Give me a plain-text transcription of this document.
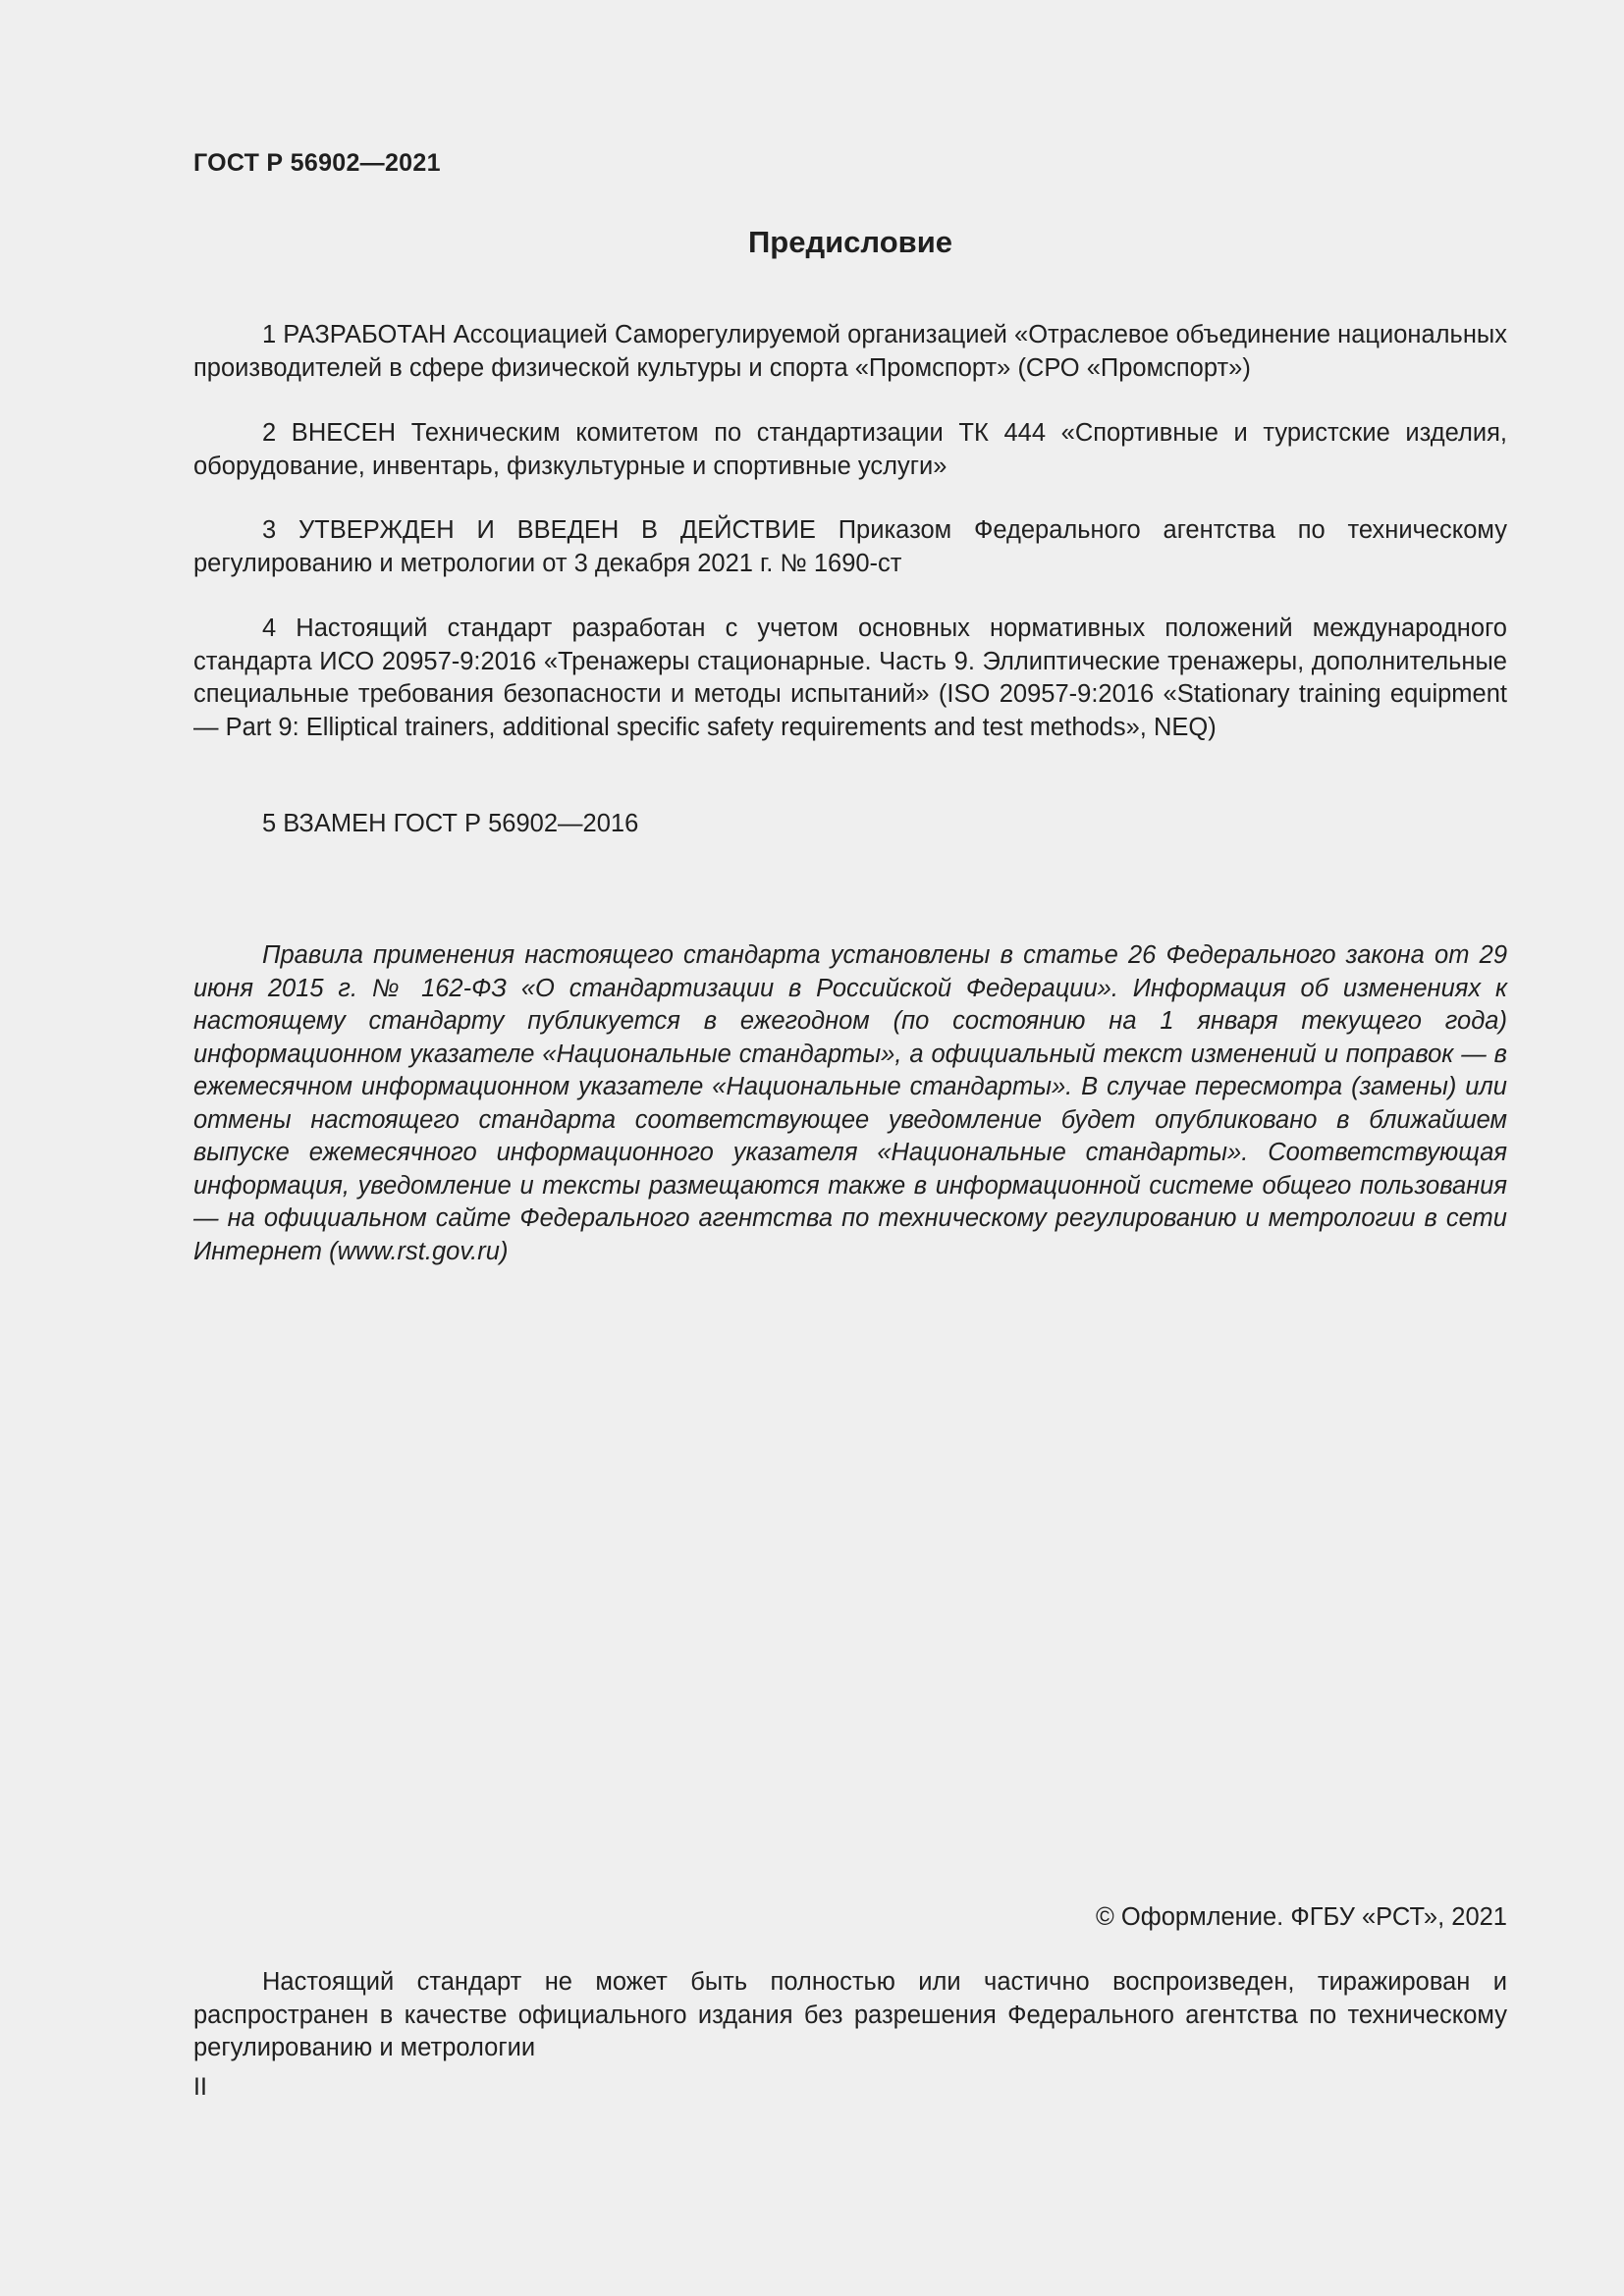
ГОСТ Р 56902—2021
Предисловие

1 РАЗРАБОТАН Ассоциацией Саморегулируемой организацией «Отраслевое объединение национальных производителей в сфере физической культуры и спорта «Промспорт» (СРО «Промспорт»)

2 ВНЕСЕН Техническим комитетом по стандартизации ТК 444 «Спортивные и туристские изделия, оборудование, инвентарь, физкультурные и спортивные услуги»

3 УТВЕРЖДЕН И ВВЕДЕН В ДЕЙСТВИЕ Приказом Федерального агентства по техническому регулированию и метрологии от 3 декабря 2021 г. № 1690-ст

4 Настоящий стандарт разработан с учетом основных нормативных положений международного стандарта ИСО 20957-9:2016 «Тренажеры стационарные. Часть 9. Эллиптические тренажеры, дополнительные специальные требования безопасности и методы испытаний» (ISO 20957-9:2016 «Stationary training equipment — Part 9: Elliptical trainers, additional specific safety requirements and test methods», NEQ)

5 ВЗАМЕН ГОСТ Р 56902—2016

Правила применения настоящего стандарта установлены в статье 26 Федерального закона от 29 июня 2015 г. № 162-ФЗ «О стандартизации в Российской Федерации». Информация об изменениях к настоящему стандарту публикуется в ежегодном (по состоянию на 1 января текущего года) информационном указателе «Национальные стандарты», а официальный текст изменений и поправок — в ежемесячном информационном указателе «Национальные стандарты». В случае пересмотра (замены) или отмены настоящего стандарта соответствующее уведомление будет опубликовано в ближайшем выпуске ежемесячного информационного указателя «Национальные стандарты». Соответствующая информация, уведомление и тексты размещаются также в информационной системе общего пользования — на официальном сайте Федерального агентства по техническому регулированию и метрологии в сети Интернет (www.rst.gov.ru)

© Оформление. ФГБУ «РСТ», 2021

Настоящий стандарт не может быть полностью или частично воспроизведен, тиражирован и распространен в качестве официального издания без разрешения Федерального агентства по техническому регулированию и метрологии

II
